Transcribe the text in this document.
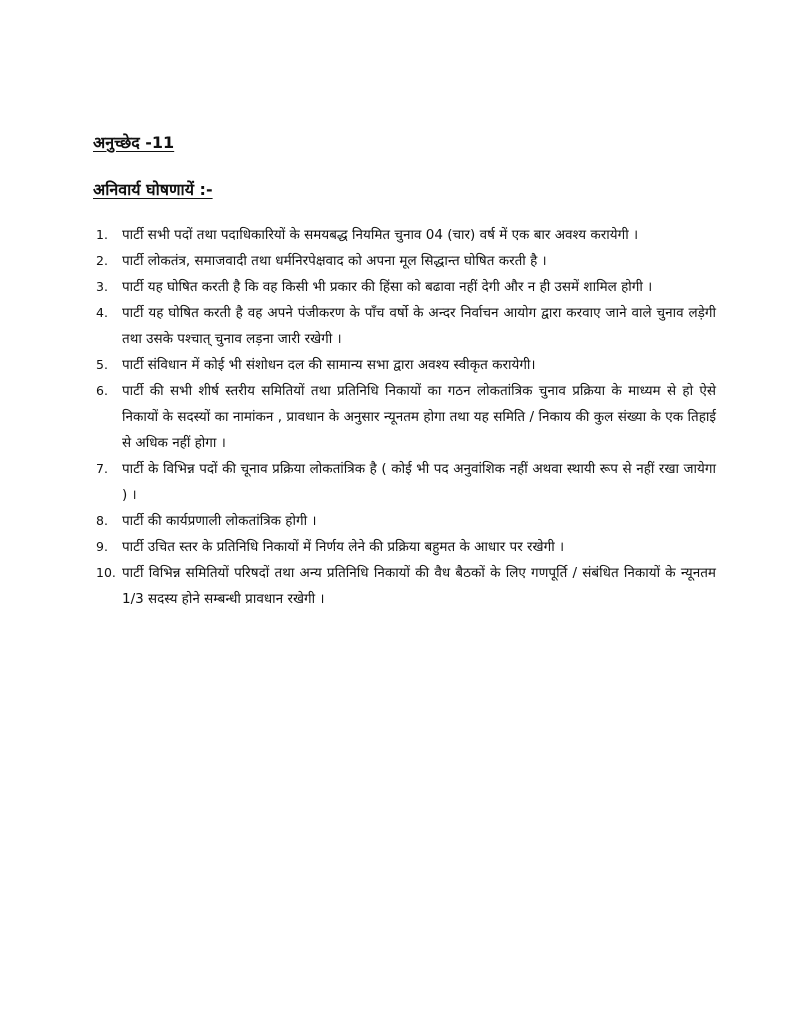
अनुच्छेद -11
अनिवार्य घोषणायें :-
1.	पार्टी सभी पदों तथा पदाधिकारियों के समयबद्ध नियमित चुनाव 04 (चार) वर्ष में एक बार अवश्य करायेगी ।
2.	पार्टी लोकतंत्र, समाजवादी तथा धर्मनिरपेक्षवाद को अपना मूल सिद्धान्त घोषित करती है ।
3.	पार्टी यह घोषित करती है कि वह किसी भी प्रकार की हिंसा को बढावा नहीं देगी और न ही उसमें शामिल होगी ।
4.	पार्टी यह घोषित करती है वह अपने पंजीकरण के पाँच वर्षो के अन्दर निर्वाचन आयोग द्वारा करवाए जाने वाले चुनाव लड़ेगी तथा उसके पश्चात् चुनाव लड़ना जारी रखेगी ।
5.	पार्टी संविधान में कोई भी संशोधन दल की सामान्य सभा द्वारा अवश्य स्वीकृत करायेगी।
6.	पार्टी की सभी शीर्ष स्तरीय समितियों तथा प्रतिनिधि निकायों का गठन लोकतांत्रिक चुनाव प्रक्रिया के माध्यम से हो ऐसे निकायों के सदस्यों का नामांकन , प्रावधान के अनुसार न्यूनतम होगा तथा यह समिति / निकाय की कुल संख्या के एक तिहाई से अधिक नहीं होगा ।
7.	पार्टी के विभिन्न पदों की चूनाव प्रक्रिया लोकतांत्रिक है ( कोई भी पद अनुवांशिक नहीं अथवा स्थायी रूप से नहीं रखा जायेगा ) ।
8.	पार्टी की कार्यप्रणाली लोकतांत्रिक होगी ।
9.	पार्टी उचित स्तर के प्रतिनिधि निकायों में निर्णय लेने की प्रक्रिया बहुमत के आधार पर रखेगी ।
10. पार्टी विभिन्न समितियों परिषदों तथा अन्य प्रतिनिधि निकायों की वैध बैठकों के लिए गणपूर्ति / संबंधित निकायों के न्यूनतम 1/3 सदस्य होने सम्बन्धी प्रावधान रखेगी ।
